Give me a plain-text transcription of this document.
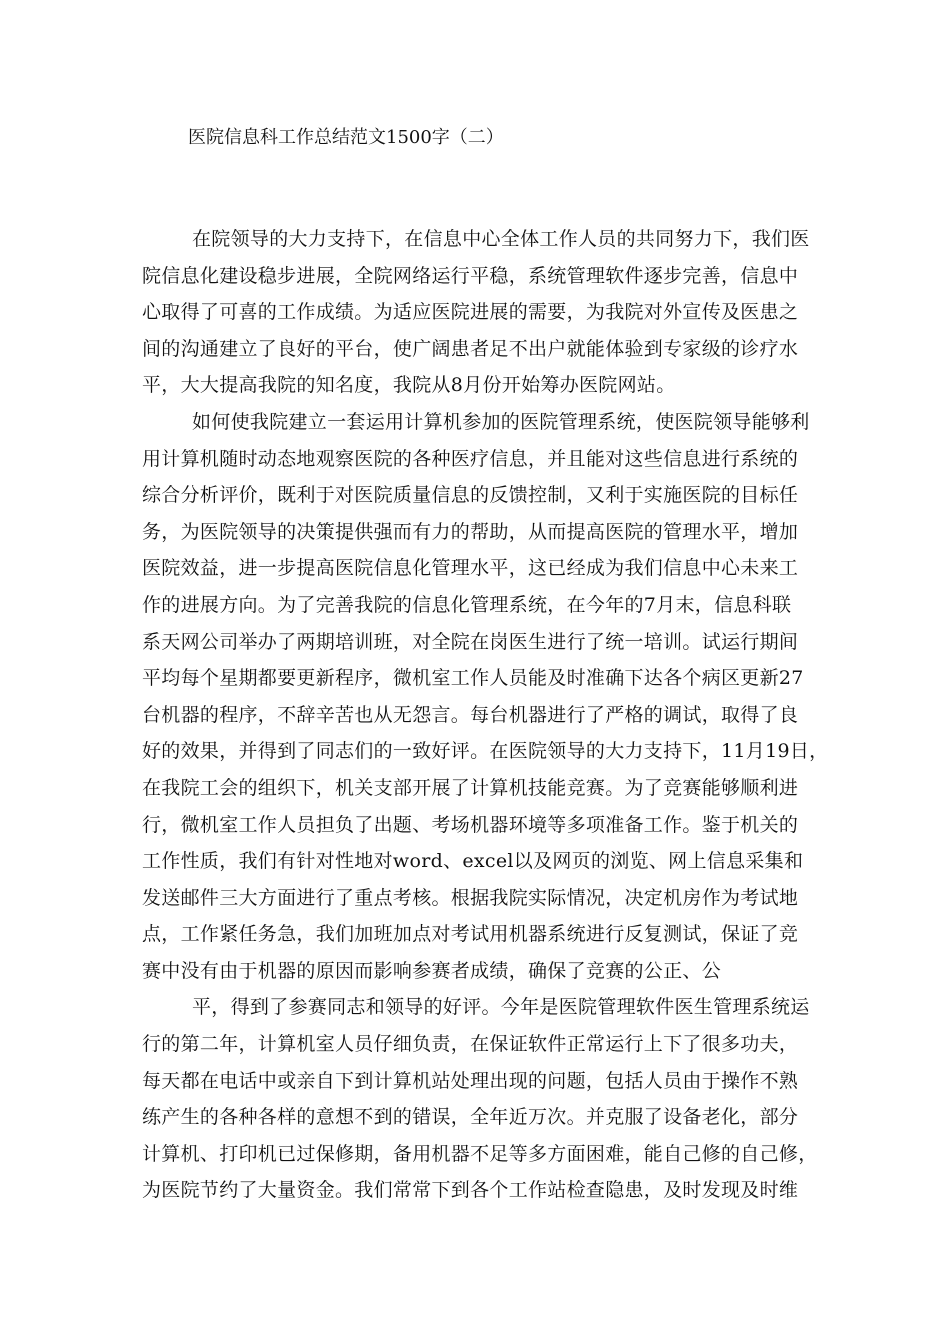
医院信息科工作总结范文1500字（二）
在院领导的大力支持下，在信息中心全体工作人员的共同努力下，我们医
院信息化建设稳步进展，全院网络运行平稳，系统管理软件逐步完善，信息中
心取得了可喜的工作成绩。为适应医院进展的需要，为我院对外宣传及医患之
间的沟通建立了良好的平台，使广阔患者足不出户就能体验到专家级的诊疗水
平，大大提高我院的知名度，我院从8月份开始筹办医院网站。
如何使我院建立一套运用计算机参加的医院管理系统，使医院领导能够利
用计算机随时动态地观察医院的各种医疗信息，并且能对这些信息进行系统的
综合分析评价，既利于对医院质量信息的反馈控制，又利于实施医院的目标任
务，为医院领导的决策提供强而有力的帮助，从而提高医院的管理水平，增加
医院效益，进一步提高医院信息化管理水平，这已经成为我们信息中心未来工
作的进展方向。为了完善我院的信息化管理系统，在今年的7月末，信息科联
系天网公司举办了两期培训班，对全院在岗医生进行了统一培训。试运行期间
平均每个星期都要更新程序，微机室工作人员能及时准确下达各个病区更新27
台机器的程序，不辞辛苦也从无怨言。每台机器进行了严格的调试，取得了良
好的效果，并得到了同志们的一致好评。在医院领导的大力支持下，11月19日，
在我院工会的组织下，机关支部开展了计算机技能竞赛。为了竞赛能够顺利进
行，微机室工作人员担负了出题、考场机器环境等多项准备工作。鉴于机关的
工作性质，我们有针对性地对word、excel以及网页的浏览、网上信息采集和
发送邮件三大方面进行了重点考核。根据我院实际情况，决定机房作为考试地
点，工作紧任务急，我们加班加点对考试用机器系统进行反复测试，保证了竞
赛中没有由于机器的原因而影响参赛者成绩，确保了竞赛的公正、公
平，得到了参赛同志和领导的好评。今年是医院管理软件医生管理系统运
行的第二年，计算机室人员仔细负责，在保证软件正常运行上下了很多功夫，
每天都在电话中或亲自下到计算机站处理出现的问题，包括人员由于操作不熟
练产生的各种各样的意想不到的错误，全年近万次。并克服了设备老化，部分
计算机、打印机已过保修期，备用机器不足等多方面困难，能自己修的自己修，
为医院节约了大量资金。我们常常下到各个工作站检查隐患，及时发现及时维
